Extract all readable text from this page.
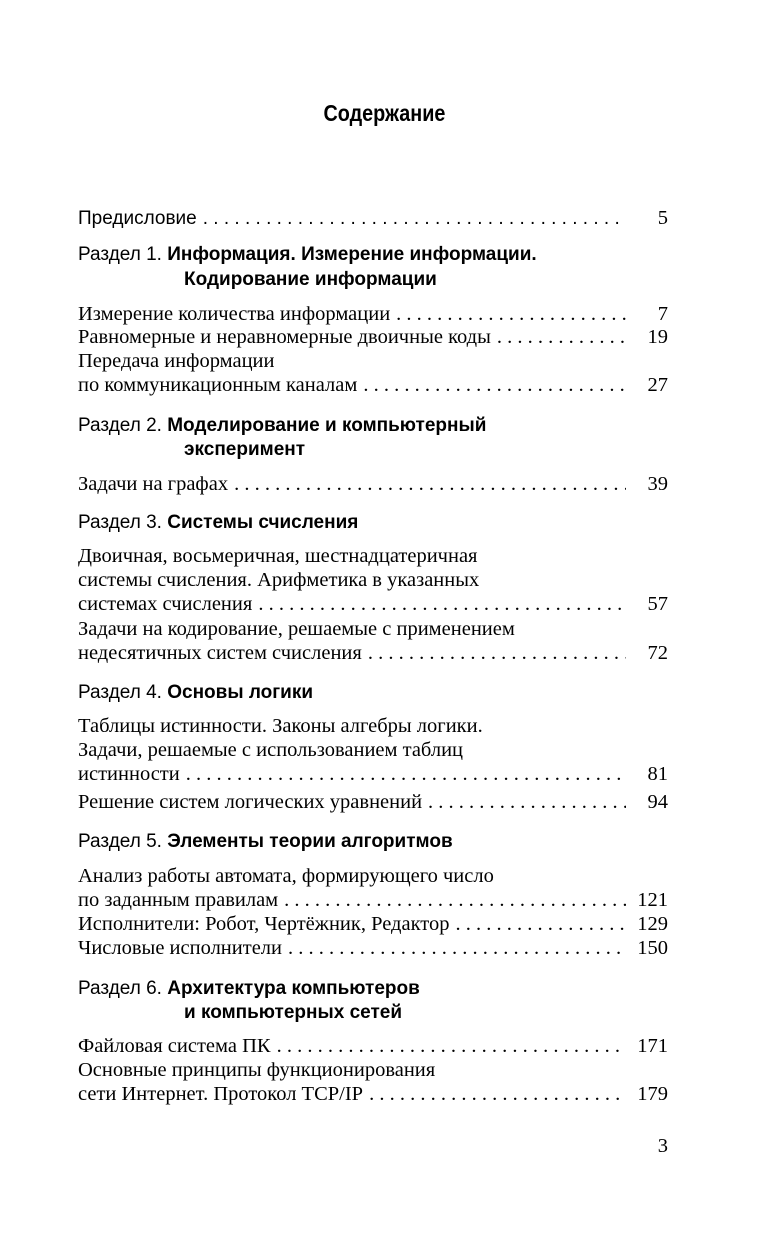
Содержание
Предисловие . . .	5
Раздел 1. Информация. Измерение информации.
Кодирование информации
Измерение количества информации . . .	7
Равномерные и неравномерные двоичные коды . . .	19
Передача информации
по коммуникационным каналам . . .	27
Раздел 2. Моделирование и компьютерный
эксперимент
Задачи на графах . . .	39
Раздел 3. Системы счисления
Двоичная, восьмеричная, шестнадцатеричная
системы счисления. Арифметика в указанных
системах счисления . . .	57
Задачи на кодирование, решаемые с применением
недесятичных систем счисления . . .	72
Раздел 4. Основы логики
Таблицы истинности. Законы алгебры логики.
Задачи, решаемые с использованием таблиц
истинности . . .	81
Решение систем логических уравнений . . .	94
Раздел 5. Элементы теории алгоритмов
Анализ работы автомата, формирующего число
по заданным правилам . . .	121
Исполнители: Робот, Чертёжник, Редактор . . .	129
Числовые исполнители . . .	150
Раздел 6. Архитектура компьютеров
и компьютерных сетей
Файловая система ПК . . .	171
Основные принципы функционирования
сети Интернет. Протокол TCP/IP . . .	179
3
